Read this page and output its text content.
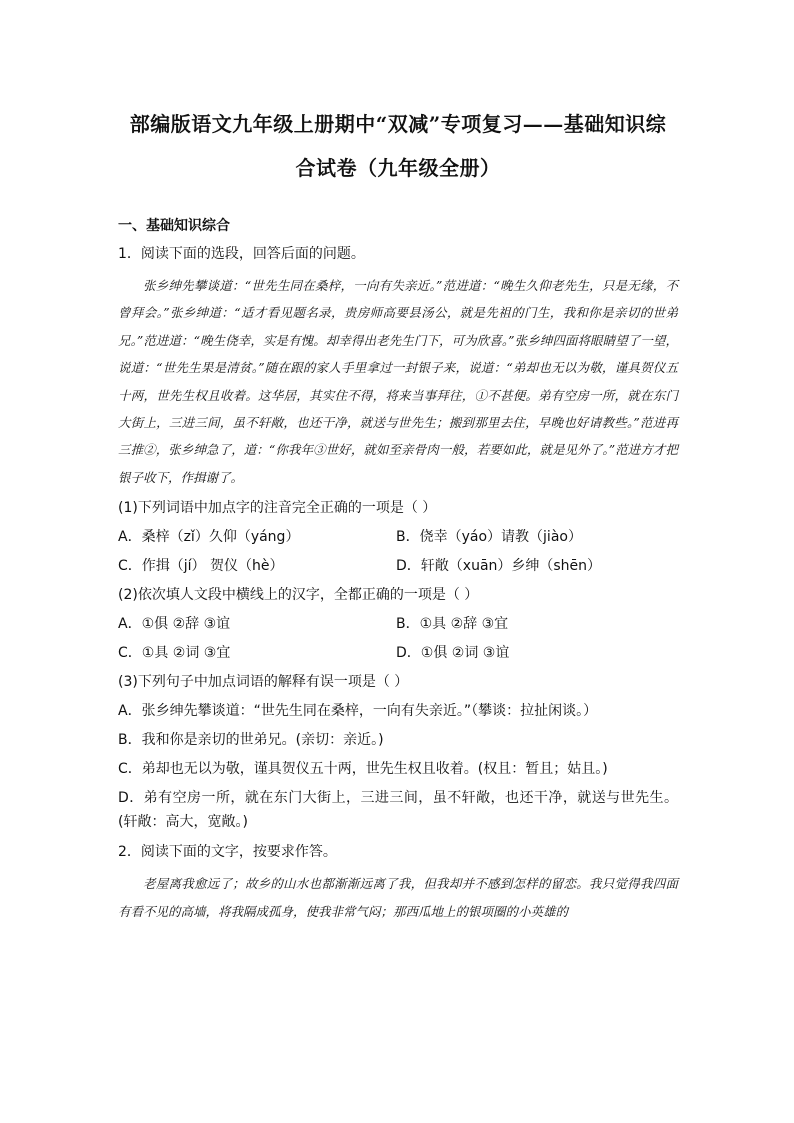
部编版语文九年级上册期中“双减”专项复习——基础知识综
合试卷（九年级全册）
一、基础知识综合
1．阅读下面的选段，回答后面的问题。
张乡绅先攀谈道：“世先生同在桑梓，一向有失亲近。”范进道：“晚生久仰老先生，只是无缘，不曾拜会。”张乡绅道：“适才看见题名录，贵房师高要县汤公，就是先祖的门生，我和你是亲切的世弟兄。”范进道：“晚生侥幸，实是有愧。却幸得出老先生门下，可为欣喜。”张乡绅四面将眼睛望了一望，说道：“世先生果是清贫。”随在跟的家人手里拿过一封银子来，说道：“弟却也无以为敬，谨具贺仪五十两，世先生权且收着。这华居，其实住不得，将来当事拜往，①不甚便。弟有空房一所，就在东门大街上，三进三间，虽不轩敞，也还干净，就送与世先生；搬到那里去住，早晚也好请教些。”范进再三推②，张乡绅急了，道：“你我年③世好，就如至亲骨肉一般，若要如此，就是见外了。”范进方才把银子收下，作揖谢了。
(1)下列词语中加点字的注音完全正确的一项是（ ）
A．桑梓（zǐ）久仰（yáng）	B．侥幸（yáo）请教（jiào）
C．作揖（jí） 贺仪（hè）	D．轩敞（xuān）乡绅（shēn）
(2)依次填人文段中横线上的汉字，全都正确的一项是（ ）
A．①俱 ②辞 ③谊	B．①具 ②辞 ③宜
C．①具 ②词 ③宜	D．①俱 ②词 ③谊
(3)下列句子中加点词语的解释有误一项是（ ）
A．张乡绅先攀谈道：“世先生同在桑梓，一向有失亲近。”（攀谈：拉扯闲谈。）
B．我和你是亲切的世弟兄。(亲切：亲近。)
C．弟却也无以为敬，谨具贺仪五十两，世先生权且收着。(权且：暂且；姑且。)
D．弟有空房一所，就在东门大街上，三进三间，虽不轩敞，也还干净，就送与世先生。(轩敞：高大，宽敞。)
2．阅读下面的文字，按要求作答。
老屋离我愈远了；故乡的山水也都渐渐远离了我，但我却并不感到怎样的留恋。我只觉得我四面有看不见的高墙，将我隔成孤身，使我非常气闷；那西瓜地上的银项圈的小英雄的
